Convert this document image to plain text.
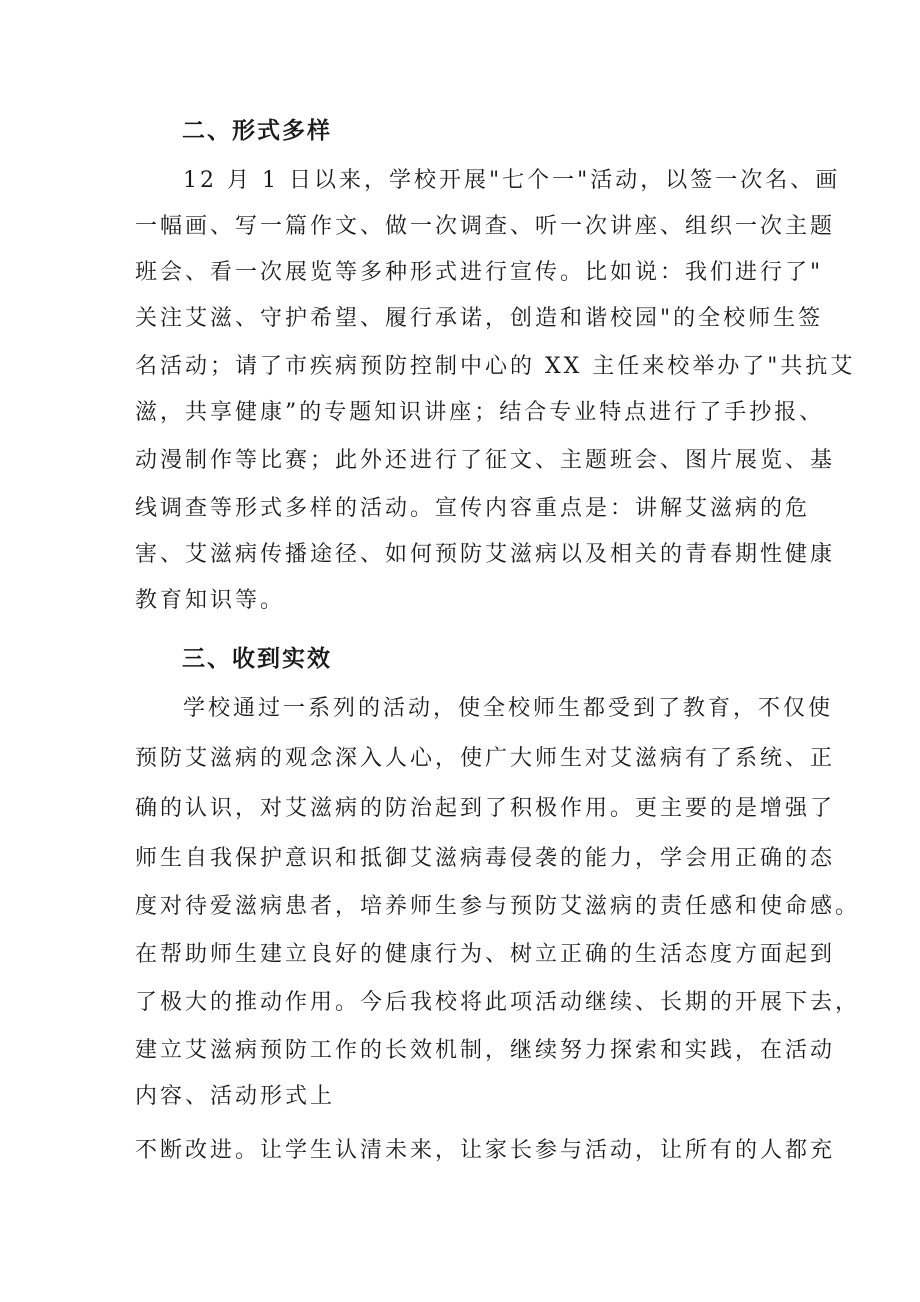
二、形式多样
12 月 1 日以来，学校开展"七个一"活动，以签一次名、画
一幅画、写一篇作文、做一次调查、听一次讲座、组织一次主题
班会、看一次展览等多种形式进行宣传。比如说：我们进行了"
关注艾滋、守护希望、履行承诺，创造和谐校园"的全校师生签
名活动；请了市疾病预防控制中心的 XX 主任来校举办了"共抗艾
滋，共享健康”的专题知识讲座；结合专业特点进行了手抄报、
动漫制作等比赛；此外还进行了征文、主题班会、图片展览、基
线调查等形式多样的活动。宣传内容重点是：讲解艾滋病的危
害、艾滋病传播途径、如何预防艾滋病以及相关的青春期性健康
教育知识等。
三、收到实效
学校通过一系列的活动，使全校师生都受到了教育，不仅使
预防艾滋病的观念深入人心，使广大师生对艾滋病有了系统、正
确的认识，对艾滋病的防治起到了积极作用。更主要的是增强了
师生自我保护意识和抵御艾滋病毒侵袭的能力，学会用正确的态
度对待爱滋病患者，培养师生参与预防艾滋病的责任感和使命感。
在帮助师生建立良好的健康行为、树立正确的生活态度方面起到
了极大的推动作用。今后我校将此项活动继续、长期的开展下去，
建立艾滋病预防工作的长效机制，继续努力探索和实践，在活动
内容、活动形式上
不断改进。让学生认清未来，让家长参与活动，让所有的人都充
